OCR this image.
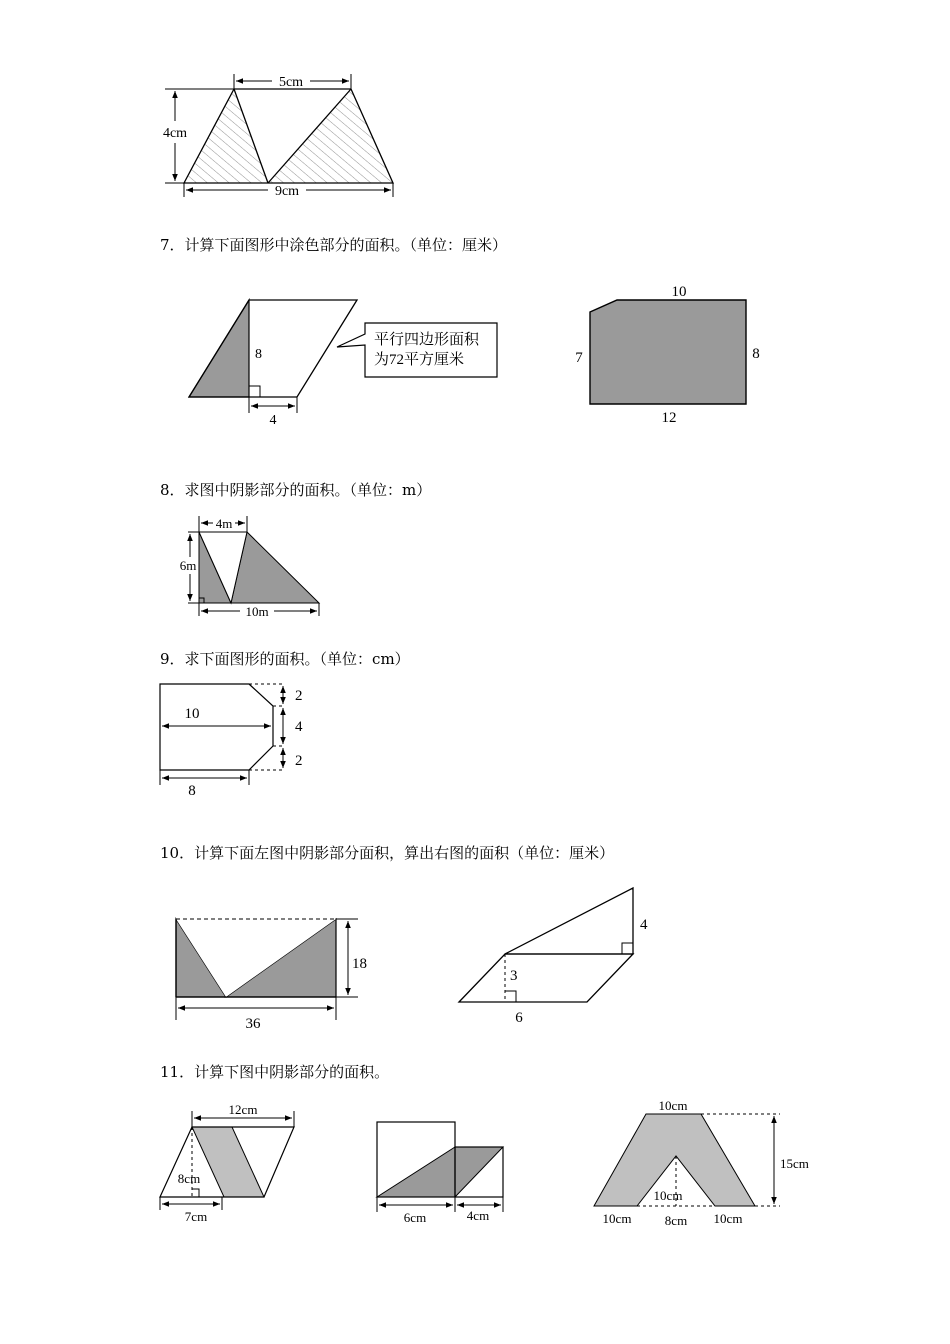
7．计算下面图形中涂色部分的面积。（单位：厘米）
8．求图中阴影部分的面积。（单位：m）
9．求下面图形的面积。（单位：cm）
10．计算下面左图中阴影部分面积，算出右图的面积（单位：厘米）
11．计算下图中阴影部分的面积。
5cm
4cm
9cm
8
4
平行四边形面积
为72平方厘米
10
7	8
12
4m
6m
10m
10
8
2
4
2
18
36
4
3
6
12cm
8cm
7cm	6cm	4cm
10cm
15cm
10cm
10cm	8cm 10cm
